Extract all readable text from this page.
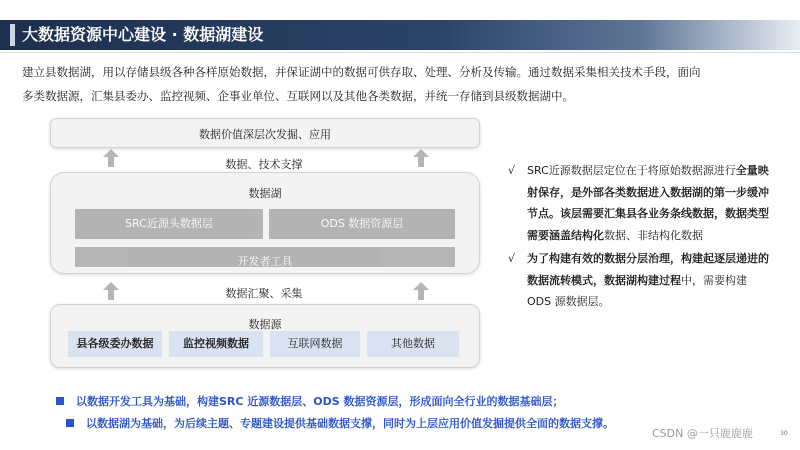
大数据资源中心建设 · 数据湖建设
建立县数据湖，用以存储县级各种各样原始数据，并保证湖中的数据可供存取、处理、分析及传输。通过数据采集相关技术手段，面向
多类数据源，汇集县委办、监控视频、企事业单位、互联网以及其他各类数据，并统一存储到县级数据湖中。
数据价值深层次发掘、应用
数据、技术支撑
数据湖
SRC近源头数据层	ODS 数据资源层
开发者工具
数据汇聚、采集
数据源
县各级委办数据	监控视频数据	互联网数据	其他数据
√ SRC近源数据层定位在于将原始数据源进行全量映射保存，是外部各类数据进入数据湖的第一步缓冲节点。该层需要汇集县各业务条线数据，数据类型需要涵盖结构化数据、非结构化数据
√ 为了构建有效的数据分层治理，构建起逐层递进的数据流转模式，数据湖构建过程中，需要构建ODS 源数据层。
以数据开发工具为基础，构建SRC 近源数据层、ODS 数据资源层，形成面向全行业的数据基础层；
以数据湖为基础，为后续主题、专题建设提供基础数据支撑，同时为上层应用价值发掘提供全面的数据支撑。
CSDN @一只鹿鹿鹿	30
